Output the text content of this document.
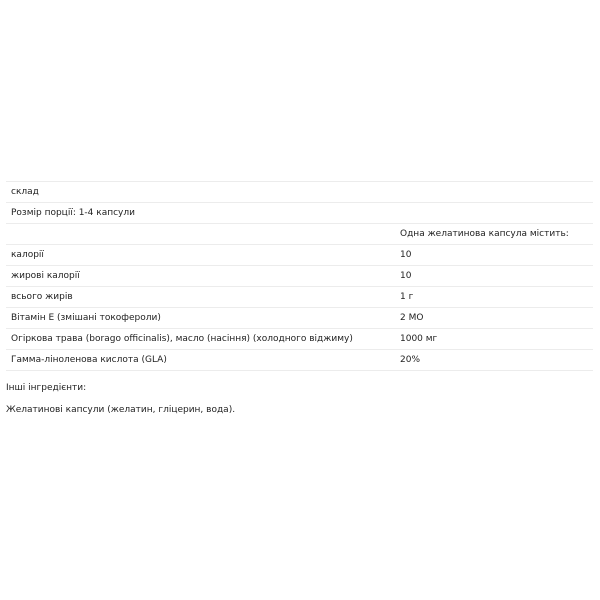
склад	
Розмір порції: 1-4 капсули	
	Одна желатинова капсула містить:
калорії	10
жирові калорії	10
всього жирів	1 г
Вітамін Е (змішані токофероли)	2 МО
Огіркова трава (borago officinalis), масло (насіння) (холодного віджиму)	1000 мг
Гамма-ліноленова кислота (GLA)	20%

Інші інгредієнти:

Желатинові капсули (желатин, гліцерин, вода).
